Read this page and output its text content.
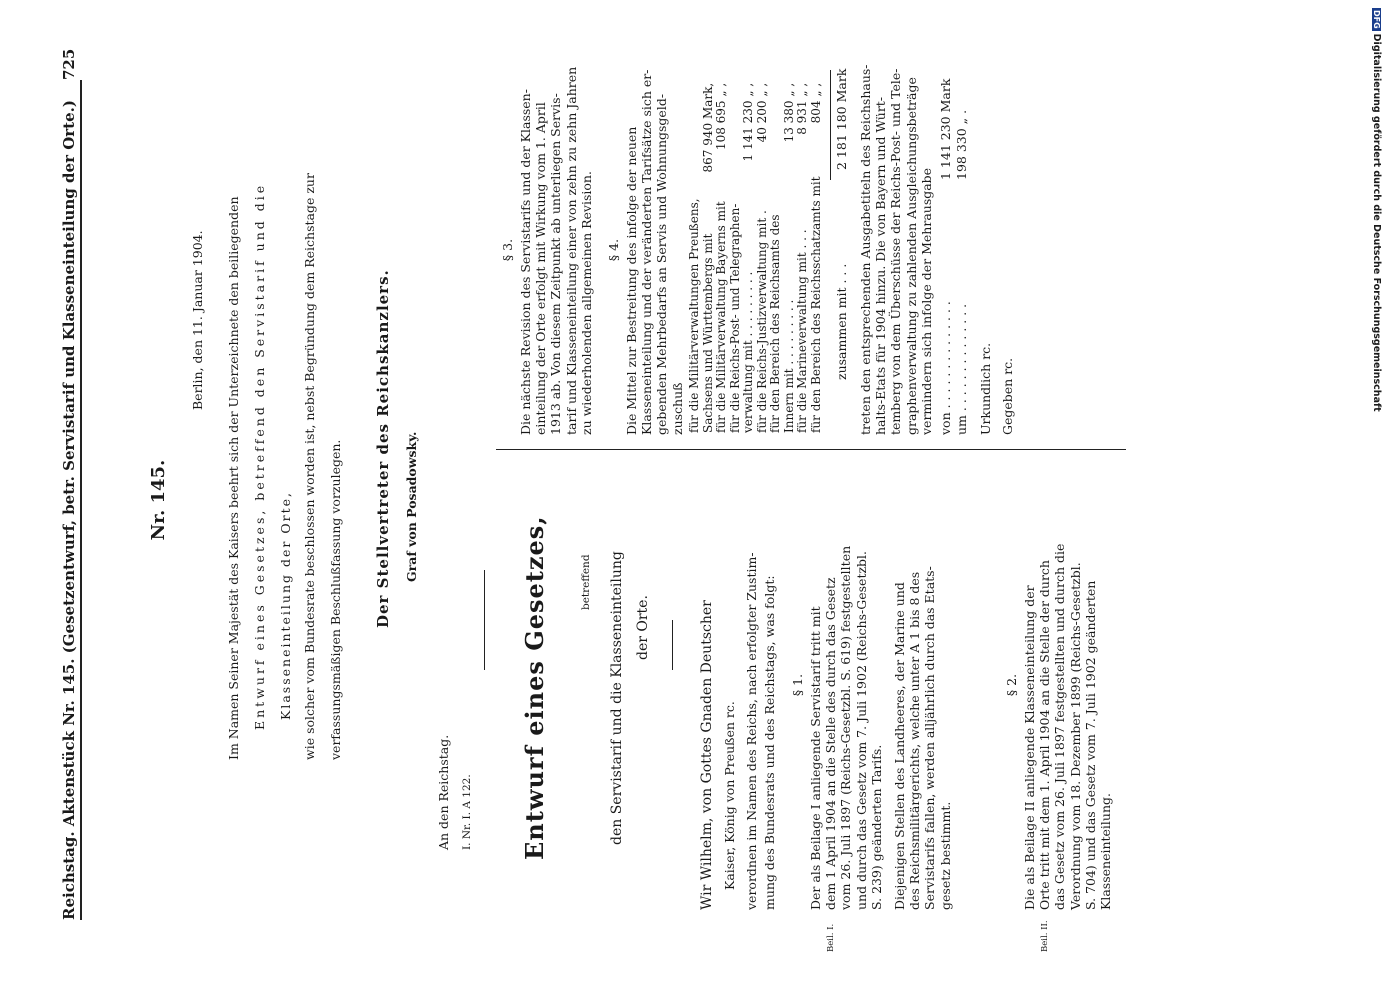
Reichstag. Aktenstück Nr. 145. (Gesetzentwurf, betr. Servistarif und Klasseneinteilung der Orte.)
725
Nr. 145.
Berlin, den 11. Januar 1904. Im Namen Seiner Majestät des Kaisers beehrt sich der Unterzeichnete den beiliegenden Entwurf eines Gesetzes, betreffend den Servistarif und die Klasseneinteilung der Orte, wie solcher vom Bundesrate beschlossen worden ist, nebst Begründung dem Reichstage zur verfassungsmäßigen Beschlußfassung vorzulegen. Der Stellvertreter des Reichskanzlers. Graf von Posadowsky.
An den Reichstag. I. Nr. I. A 122. Entwurf eines Gesetzes,	betreffend den Servistarif und die Klasseneinteilung der Orte.	Wir Wilhelm, von Gottes Gnaden Deutscher Kaiser, König von Preußen rc. verordnen im Namen des Reichs, nach erfolgter Zustim- mung des Bundesrats und des Reichstags, was folgt: § 1.
Beil. I.
Der als Beilage I anliegende Servistarif tritt mit dem 1 April 1904 an die Stelle des durch das Gesetz vom 26. Juli 1897 (Reichs-Gesetzbl. S. 619) festgestellten und durch das Gesetz vom 7. Juli 1902 (Reichs-Gesetzbl. S. 239) geänderten Tarifs. Diejenigen Stellen des Landheeres, der Marine und des Reichsmilitärgerichts, welche unter A 1 bis 8 des Servistarifs fallen, werden alljährlich durch das Etats- gesetz bestimmt.
§ 2.
Beil. II.
Die als Beilage II anliegende Klasseneinteilung der Orte tritt mit dem 1. April 1904 an die Stelle der durch das Gesetz vom 26. Juli 1897 festgestellten und durch die Verordnung vom 18. Dezember 1899 (Reichs-Gesetzbl. S. 704) und das Gesetz vom 7. Juli 1902 geänderten Klasseneinteilung.
§ 3. Die nächste Revision des Servistarifs und der Klassen- einteilung der Orte erfolgt mit Wirkung vom 1. April 1913 ab. Von diesem Zeitpunkt ab unterliegen Servis- tarif und Klasseneinteilung einer von zehn zu zehn Jahren zu wiederholenden allgemeinen Revision. § 4. Die Mittel zur Bestreitung des infolge der neuen Klasseneinteilung und der veränderten Tarifsätze sich er- gebenden Mehrbedarfs an Servis und Wohnungsgeld- zuschuß für die Militärverwaltungen Preußens,	
Sachsens und Württembergs mit	867 940 Mark,
für die Militärverwaltung Bayerns mit	108 695 „ ,
für die Reichs-Post- und Telegraphen-	
verwaltung mit . . . . . . . . .	1 141 230 „ ,
für die Reichs-Justizverwaltung mit .	40 200 „ ,
für den Bereich des Reichsamts des	
Innern mit . . . . . . . . .	13 380 „ ,
für die Marineverwaltung mit . . .	8 931 „ ,
für den Bereich des Reichsschatzamts mit	804 „ ,
zusammen mit . . .
2 181 180 Mark treten den entsprechenden Ausgabetiteln des Reichshaus- halts-Etats für 1904 hinzu. Die von Bayern und Würt- temberg von dem Überschüsse der Reichs-Post- und Tele- graphenverwaltung zu zahlenden Ausgleichungsbeträge vermindern sich infolge der Mehrausgabe von . . . . . . . . . . . . . .
1 141 230 Mark
um . . . . . . . . . . . . . .
198 330 „ .
Urkundlich rc. Gegeben rc.
DFGDigitalisierung gefördert durch die Deutsche Forschungsgemeinschaft
